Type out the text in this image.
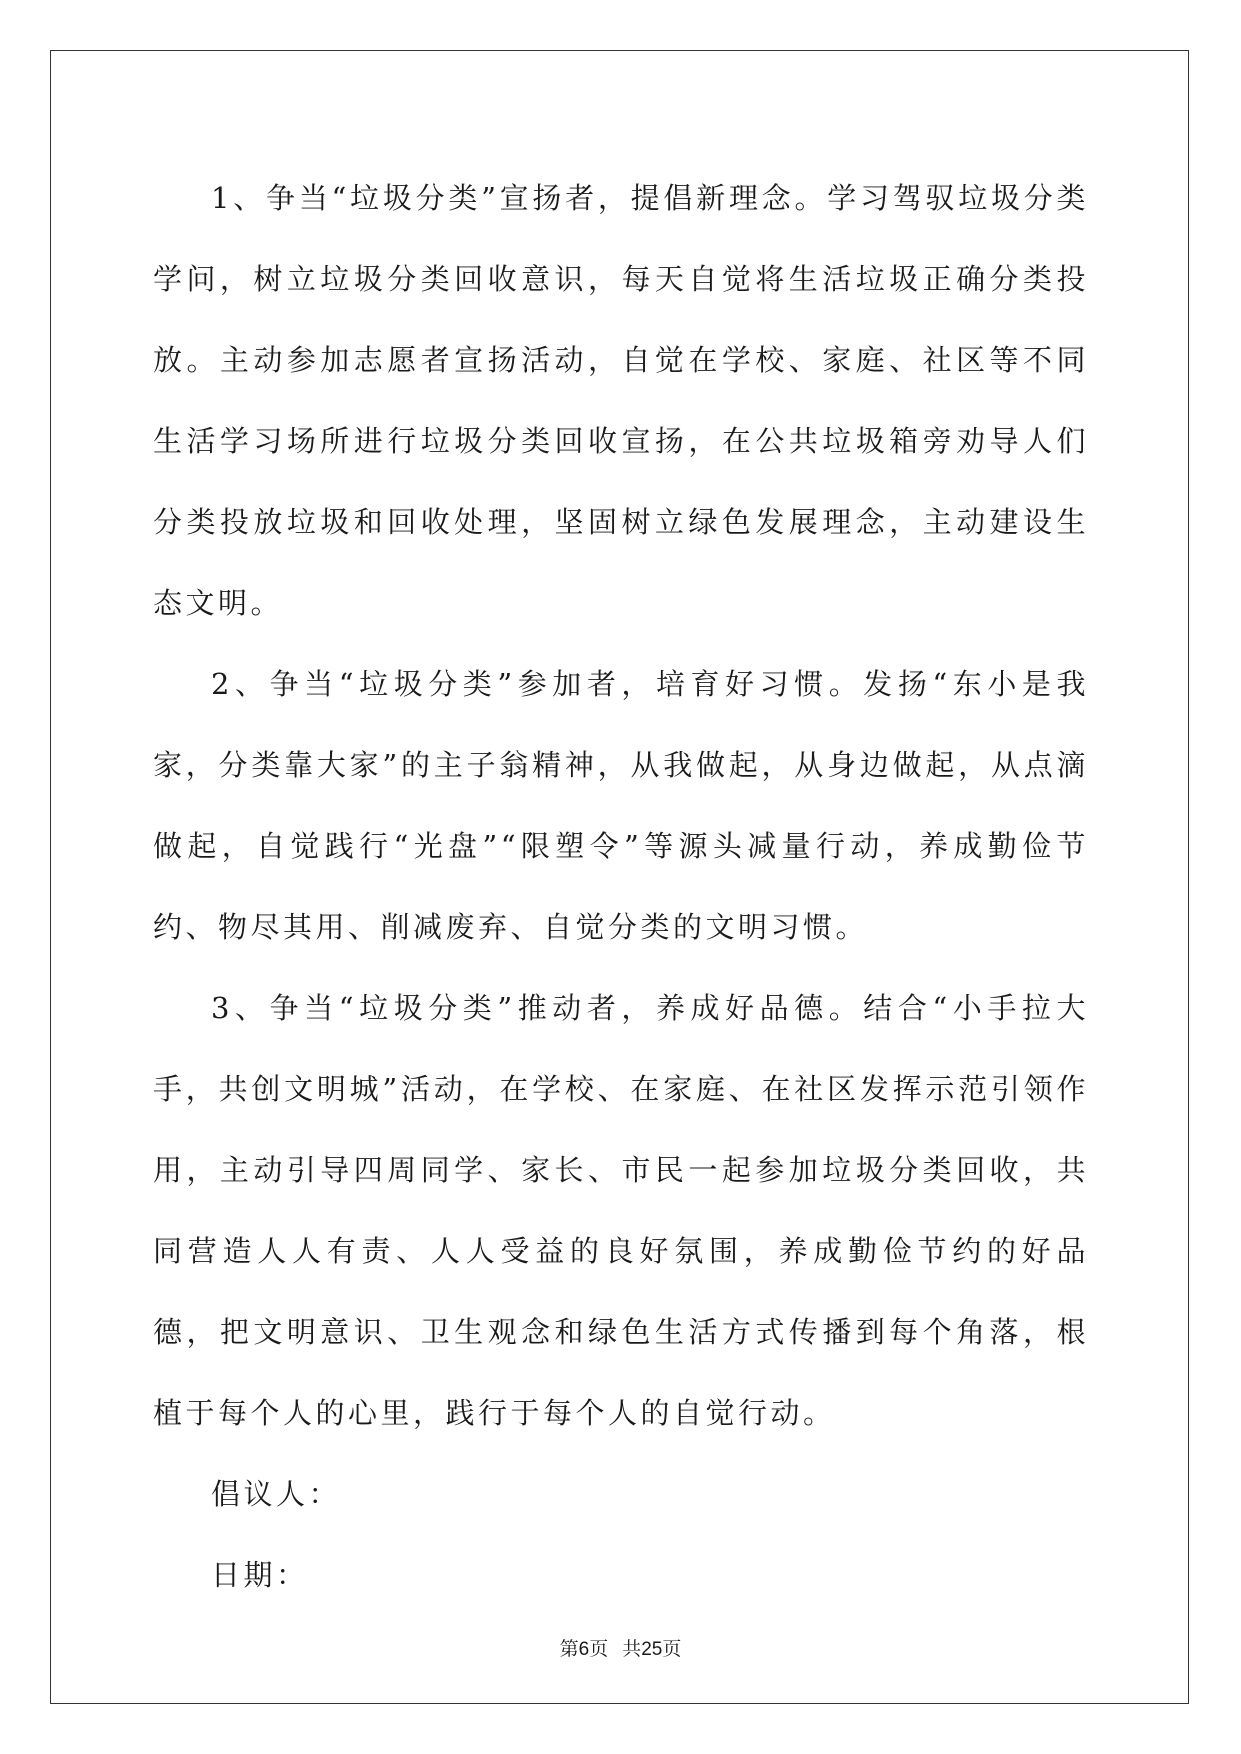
1、争当“垃圾分类”宣扬者，提倡新理念。学习驾驭垃圾分类学问，树立垃圾分类回收意识，每天自觉将生活垃圾正确分类投放。主动参加志愿者宣扬活动，自觉在学校、家庭、社区等不同生活学习场所进行垃圾分类回收宣扬，在公共垃圾箱旁劝导人们分类投放垃圾和回收处理，坚固树立绿色发展理念，主动建设生态文明。

2、争当“垃圾分类”参加者，培育好习惯。发扬“东小是我家，分类靠大家”的主子翁精神，从我做起，从身边做起，从点滴做起，自觉践行“光盘”“限塑令”等源头减量行动，养成勤俭节约、物尽其用、削减废弃、自觉分类的文明习惯。

3、争当“垃圾分类”推动者，养成好品德。结合“小手拉大手，共创文明城”活动，在学校、在家庭、在社区发挥示范引领作用，主动引导四周同学、家长、市民一起参加垃圾分类回收，共同营造人人有责、人人受益的良好氛围，养成勤俭节约的好品德，把文明意识、卫生观念和绿色生活方式传播到每个角落，根植于每个人的心里，践行于每个人的自觉行动。

倡议人：

日期：

第6页 共25页
